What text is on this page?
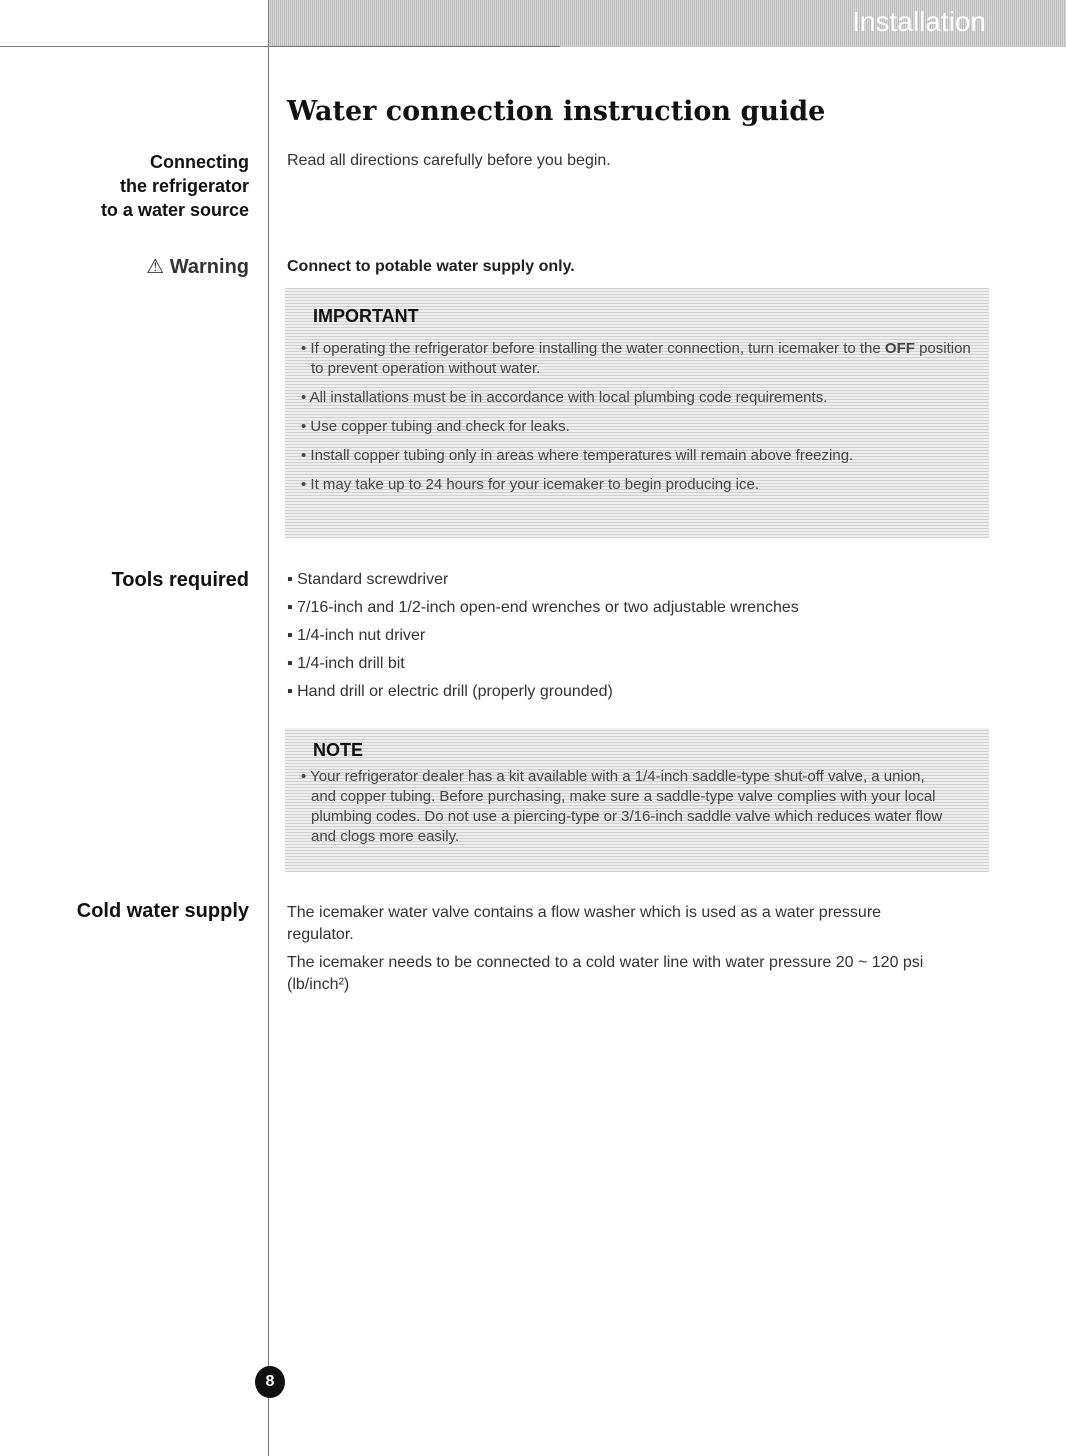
Installation
Connecting
the refrigerator
to a water source
⚠ Warning
Tools required
Cold water supply
Water connection instruction guide
Read all directions carefully before you begin.
Connect to potable water supply only.
IMPORTANT

• If operating the refrigerator before installing the water connection, turn icemaker to the OFF position to prevent operation without water.

• All installations must be in accordance with local plumbing code requirements.

• Use copper tubing and check for leaks.

• Install copper tubing only in areas where temperatures will remain above freezing.

• It may take up to 24 hours for your icemaker to begin producing ice.

▪ Standard screwdriver
▪ 7/16-inch and 1/2-inch open-end wrenches or two adjustable wrenches
▪ 1/4-inch nut driver
▪ 1/4-inch drill bit
▪ Hand drill or electric drill (properly grounded)
NOTE

• Your refrigerator dealer has a kit available with a 1/4-inch saddle-type shut-off valve, a union, and copper tubing. Before purchasing, make sure a saddle-type valve complies with your local plumbing codes. Do not use a piercing-type or 3/16-inch saddle valve which reduces water flow and clogs more easily.

The icemaker water valve contains a flow washer which is used as a water pressure regulator.
The icemaker needs to be connected to a cold water line with water pressure 20 ~ 120 psi (lb/inch²)
8
